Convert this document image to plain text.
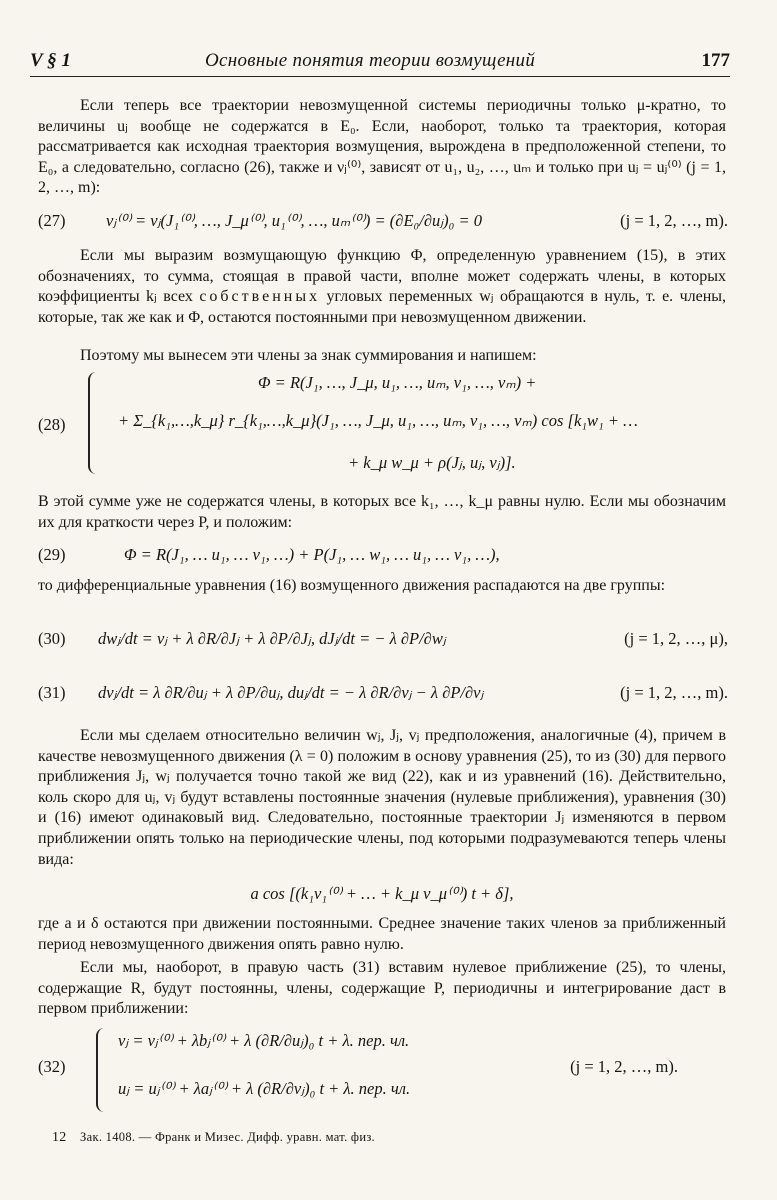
V § 1	Основные понятия теории возмущений	177
Если теперь все траектории невозмущенной системы периодичны только μ-кратно, то величины uⱼ вообще не содержатся в E₀. Если, наоборот, только та траектория, которая рассматривается как исходная траектория возмущения, вырождена в предположенной степени, то E₀, а следовательно, согласно (26), также и νⱼ⁽⁰⁾, зависят от u₁, u₂, …, uₘ и только при uⱼ = uⱼ⁽⁰⁾ (j = 1, 2, …, m):
(27) νⱼ⁽⁰⁾ = νⱼ(J₁⁽⁰⁾, …, J_μ⁽⁰⁾, u₁⁽⁰⁾, …, uₘ⁽⁰⁾) = (∂E₀/∂uⱼ)₀ = 0	(j = 1, 2, …, m).
Если мы выразим возмущающую функцию Φ, определенную уравнением (15), в этих обозначениях, то сумма, стоящая в правой части, вполне может содержать члены, в которых коэффициенты kⱼ всех собственных угловых переменных wⱼ обращаются в нуль, т. е. члены, которые, так же как и Φ, остаются постоянными при невозмущенном движении.
Поэтому мы вынесем эти члены за знак суммирования и напишем:
(28)
Φ = R(J₁, …, J_μ, u₁, …, uₘ, v₁, …, vₘ) +
+ Σ_{k₁,…,k_μ} r_{k₁,…,k_μ}(J₁, …, J_μ, u₁, …, uₘ, v₁, …, vₘ) cos [k₁w₁ + …
+ k_μ w_μ + ρ(Jⱼ, uⱼ, vⱼ)].
В этой сумме уже не содержатся члены, в которых все k₁, …, k_μ равны нулю. Если мы обозначим их для краткости через P, и положим:
(29)	Φ = R(J₁, … u₁, … v₁, …) + P(J₁, … w₁, … u₁, … v₁, …),
то дифференциальные уравнения (16) возмущенного движения распадаются на две группы:
(30) dwⱼ/dt = νⱼ + λ ∂R/∂Jⱼ + λ ∂P/∂Jⱼ, dJⱼ/dt = − λ ∂P/∂wⱼ	(j = 1, 2, …, μ),
(31) dvⱼ/dt = λ ∂R/∂uⱼ + λ ∂P/∂uⱼ, duⱼ/dt = − λ ∂R/∂vⱼ − λ ∂P/∂vⱼ	(j = 1, 2, …, m).
Если мы сделаем относительно величин wⱼ, Jⱼ, vⱼ предположения, аналогичные (4), причем в качестве невозмущенного движения (λ = 0) положим в основу уравнения (25), то из (30) для первого приближения Jⱼ, wⱼ получается точно такой же вид (22), как и из уравнений (16). Действительно, коль скоро для uⱼ, vⱼ будут вставлены постоянные значения (нулевые приближения), уравнения (30) и (16) имеют одинаковый вид. Следовательно, постоянные траектории Jⱼ изменяются в первом приближении опять только на периодические члены, под которыми подразумеваются теперь члены вида:
a cos [(k₁ν₁⁽⁰⁾ + … + k_μ ν_μ⁽⁰⁾) t + δ],
где a и δ остаются при движении постоянными. Среднее значение таких членов за приближенный период невозмущенного движения опять равно нулю.
Если мы, наоборот, в правую часть (31) вставим нулевое приближение (25), то члены, содержащие R, будут постоянны, члены, содержащие P, периодичны и интегрирование даст в первом приближении:
(32)
vⱼ = vⱼ⁽⁰⁾ + λbⱼ⁽⁰⁾ + λ (∂R/∂uⱼ)₀ t + λ. пер. чл.
uⱼ = uⱼ⁽⁰⁾ + λaⱼ⁽⁰⁾ + λ (∂R/∂vⱼ)₀ t + λ. пер. чл.
(j = 1, 2, …, m).
12 Зак. 1408. — Франк и Мизес. Дифф. уравн. мат. физ.
